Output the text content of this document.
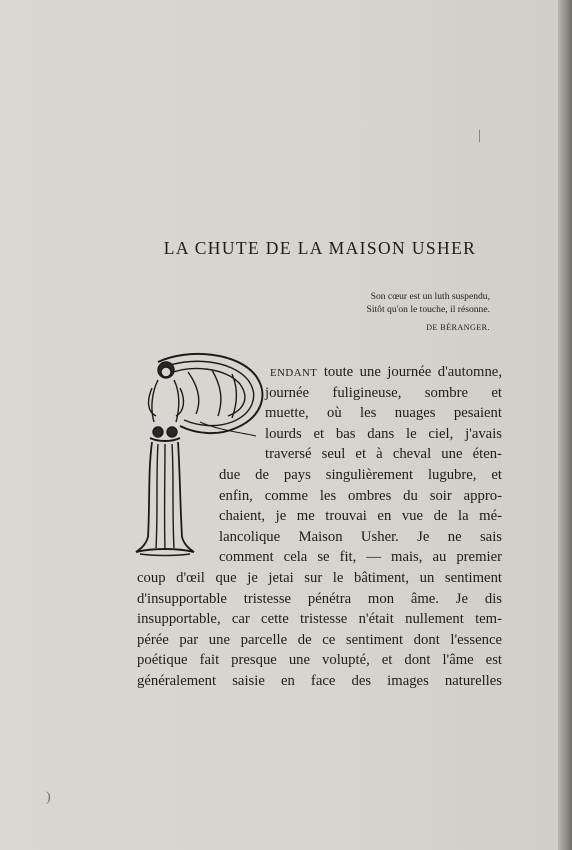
|
)
LA CHUTE DE LA MAISON USHER
Son cœur est un luth suspendu,
Sitôt qu'on le touche, il résonne.
DE BÉRANGER.
ENDANT toute une journée d'automne,
journée fuligineuse, sombre et
muette, où les nuages pesaient
lourds et bas dans le ciel, j'avais
traversé seul et à cheval une éten-
due de pays singulièrement lugubre, et
enfin, comme les ombres du soir appro-
chaient, je me trouvai en vue de la mé-
lancolique Maison Usher. Je ne sais
comment cela se fit, — mais, au premier
coup d'œil que je jetai sur le bâtiment, un sentiment
d'insupportable tristesse pénétra mon âme. Je dis
insupportable, car cette tristesse n'était nullement tem-
pérée par une parcelle de ce sentiment dont l'essence
poétique fait presque une volupté, et dont l'âme est
généralement saisie en face des images naturelles
